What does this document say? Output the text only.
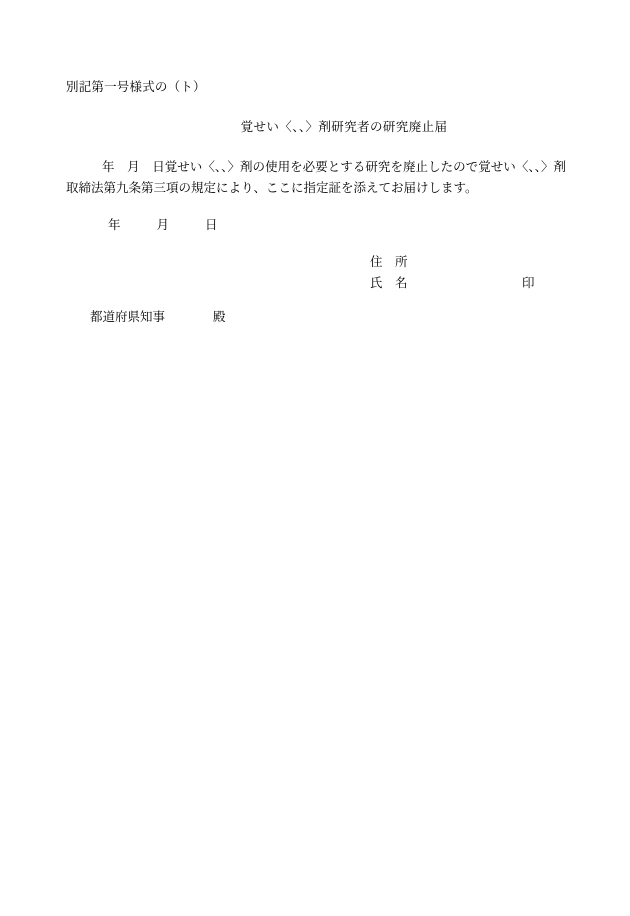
別記第一号様式の（ト）
覚せい〈、、〉剤研究者の研究廃止届
年　月　日覚せい〈、、〉剤の使用を必要とする研究を廃止したので覚せい〈、、〉剤取締法第九条第三項の規定により、ここに指定証を添えてお届けします。
年	月	日
住　所
氏　名	印
都道府県知事	殿
